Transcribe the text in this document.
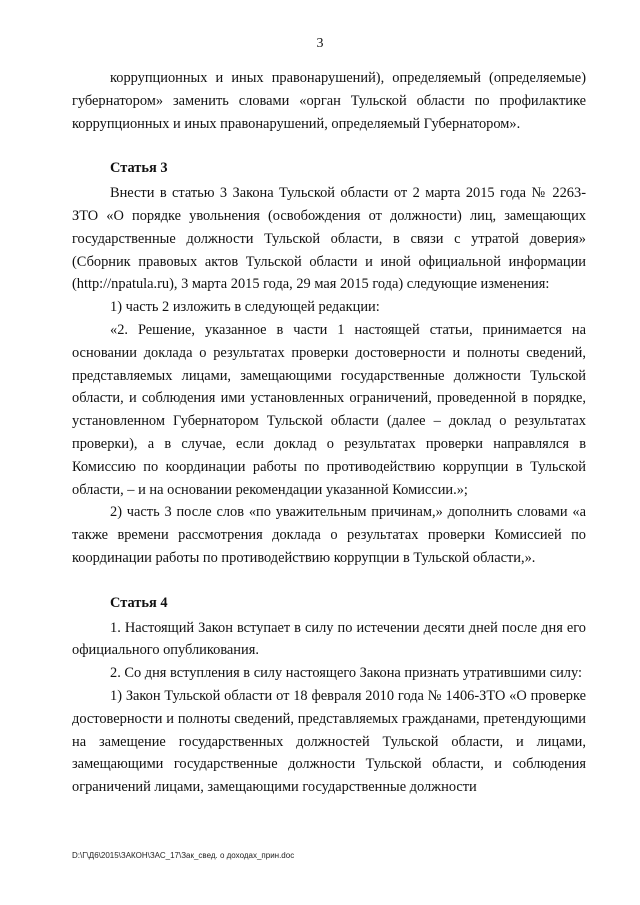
3

коррупционных и иных правонарушений), определяемый (определяемые) губернатором» заменить словами «орган Тульской области по профилактике коррупционных и иных правонарушений, определяемый Губернатором».

Статья 3

Внести в статью 3 Закона Тульской области от 2 марта 2015 года № 2263-ЗТО «О порядке увольнения (освобождения от должности) лиц, замещающих государственные должности Тульской области, в связи с утратой доверия» (Сборник правовых актов Тульской области и иной официальной информации (http://npatula.ru), 3 марта 2015 года, 29 мая 2015 года) следующие изменения:

1) часть 2 изложить в следующей редакции:

«2. Решение, указанное в части 1 настоящей статьи, принимается на основании доклада о результатах проверки достоверности и полноты сведений, представляемых лицами, замещающими государственные должности Тульской области, и соблюдения ими установленных ограничений, проведенной в порядке, установленном Губернатором Тульской области (далее – доклад о результатах проверки), а в случае, если доклад о результатах проверки направлялся в Комиссию по координации работы по противодействию коррупции в Тульской области, – и на основании рекомендации указанной Комиссии.»;

2) часть 3 после слов «по уважительным причинам,» дополнить словами «а также времени рассмотрения доклада о результатах проверки Комиссией по координации работы по противодействию коррупции в Тульской области,».

Статья 4

1. Настоящий Закон вступает в силу по истечении десяти дней после дня его официального опубликования.

2. Со дня вступления в силу настоящего Закона признать утратившими силу:

1) Закон Тульской области от 18 февраля 2010 года № 1406-ЗТО «О проверке достоверности и полноты сведений, представляемых гражданами, претендующими на замещение государственных должностей Тульской области, и лицами, замещающими государственные должности Тульской области, и соблюдения ограничений лицами, замещающими государственные должности

D:\Г\Д6\2015\ЗАКОН\ЗАС_17\Зак_свед. о доходах_прин.doc
